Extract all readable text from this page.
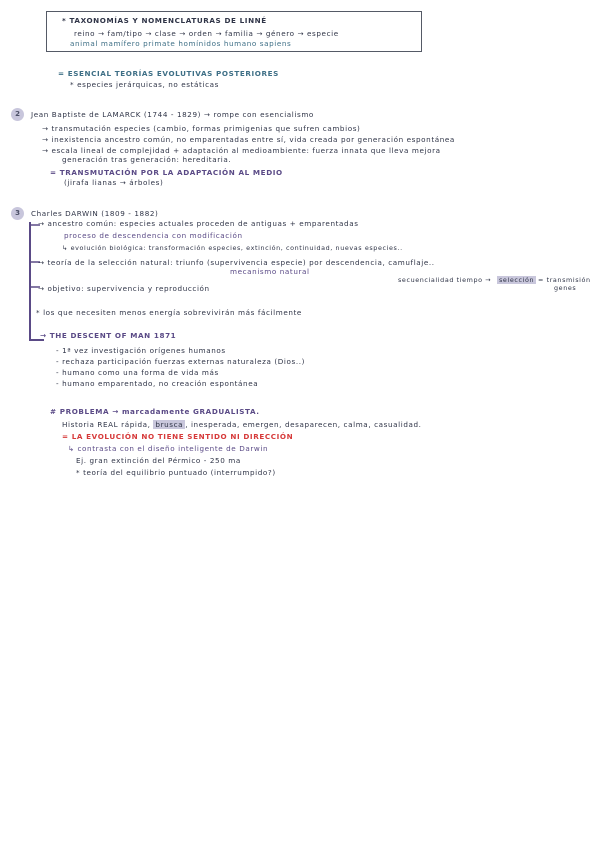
* TAXONOMÍAS Y NOMENCLATURAS DE LINNÉ
reino → fam/tipo → clase → orden → familia → género → especie
animal mamífero primate homínidos humano sapiens
= ESENCIAL TEORÍAS EVOLUTIVAS POSTERIORES
* especies jerárquicas, no estáticas
2	Jean Baptiste de LAMARCK (1744 - 1829) → rompe con esencialismo
→ transmutación especies (cambio, formas primigenias que sufren cambios)
→ inexistencia ancestro común, no emparentadas entre sí, vida creada por generación espontánea
→ escala lineal de complejidad + adaptación al medioambiente: fuerza innata que lleva mejora
generación tras generación: hereditaria.
= TRANSMUTACIÓN POR LA ADAPTACIÓN AL MEDIO
(jirafa lianas → árboles)
3	Charles DARWIN (1809 - 1882)
→ ancestro común: especies actuales proceden de antiguas + emparentadas
proceso de descendencia con modificación
↳ evolución biológica: transformación especies, extinción, continuidad, nuevas especies..
→ teoría de la selección natural: triunfo (supervivencia especie) por descendencia, camuflaje..
mecanismo natural
secuencialidad tiempo →	selección = transmisión
genes
→ objetivo: supervivencia y reproducción
* los que necesiten menos energía sobrevivirán más fácilmente
→ THE DESCENT OF MAN 1871
- 1ª vez investigación orígenes humanos
- rechaza participación fuerzas externas naturaleza (Dios..)
- humano como una forma de vida más
- humano emparentado, no creación espontánea
# PROBLEMA → marcadamente GRADUALISTA.
Historia REAL rápida, brusca , inesperada, emergen, desaparecen, calma, casualidad.
= LA EVOLUCIÓN NO TIENE SENTIDO NI DIRECCIÓN
↳ contrasta con el diseño inteligente de Darwin
Ej. gran extinción del Pérmico - 250 ma
* teoría del equilibrio puntuado (interrumpido?)
